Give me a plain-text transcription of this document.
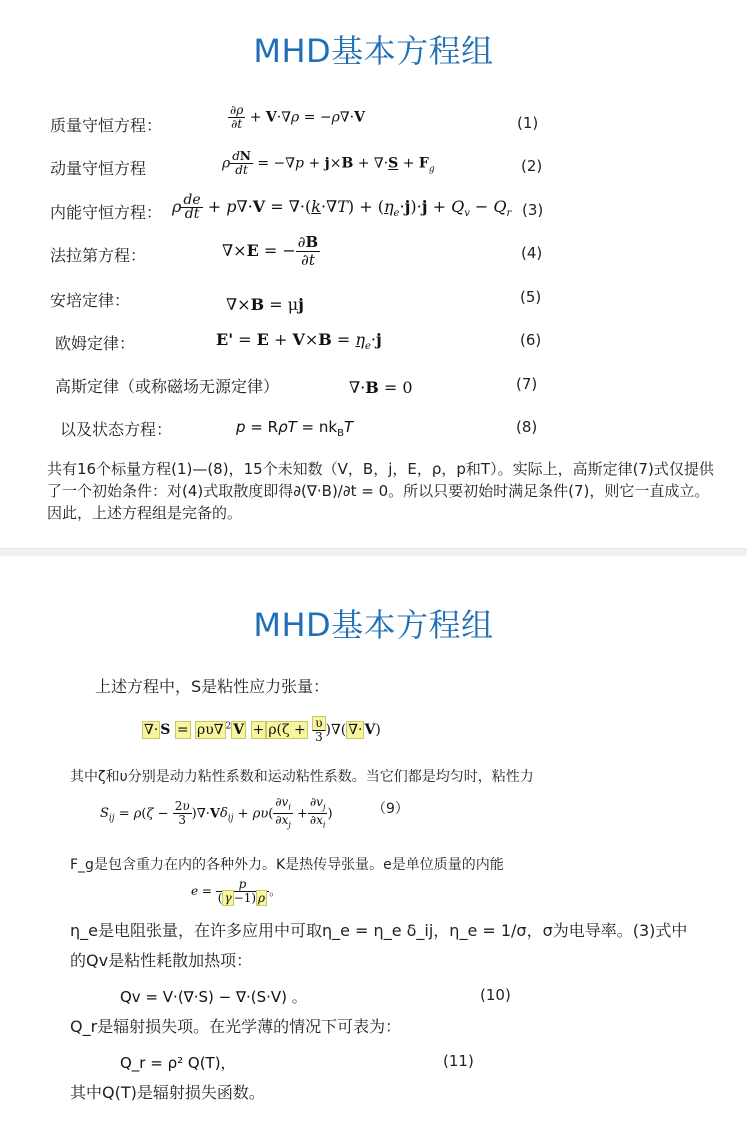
MHD基本方程组
质量守恒方程：	$\frac{\partial\rho}{\partial t} + V\cdot\nabla\rho = -\rho\nabla\cdot V$	(1)
动量守恒方程	ρ $\frac{dN}{dt} = -\nabla p + j\times B + \nabla\cdot S + F_g$	(2)
内能守恒方程： ρ $\frac{de}{dt} + p\nabla\cdot V = \nabla\cdot(k\cdot\nabla T) + (\eta_e\cdot j)\cdot j + Q_v - Q_r$ (3)
法拉第方程：	∇×E = − $\frac{\partial B}{\partial t}$	(4)
安培定律：	∇×B = μj	(5)
欧姆定律：	$E' = E + V\times B = \eta_e\cdot j$	(6)
高斯定律（或称磁场无源定律）	∇·B = 0	(7)
以及状态方程：	$p = R\rho T = nk_BT$	(8)
共有16个标量方程(1)—(8)，15个未知数（V，B，j，E，ρ，p和T）。实际上，高斯定律(7)式仅提供了一个初始条件：对(4)式取散度即得∂(∇·B)/∂t = 0。所以只要初始时满足条件(7)，则它一直成立。因此，上述方程组是完备的。
MHD基本方程组
上述方程中，S是粘性应力张量：
∇· S = ρυ∇ $^2$ $V + \rho(\zeta + \frac{\upsilon}{3}$ )∇( ∇· V)
其中ζ和υ分别是动力粘性系数和运动粘性系数。当它们都是均匀时，粘性力
$S_{ij} = \rho(\zeta - \frac{2\upsilon}{3} )\nabla\cdot V\delta_{ij} + \rho\upsilon( \frac{\partial v_i}{\partial x_j} + \frac{\partial v_j}{\partial x_i}$ )	（9）
F_g是包含重力在内的各种外力。K是热传导张量。e是单位质量的内能
$e = \frac{p}{( \gamma -1) \rho}$ 。
η_e是电阻张量，在许多应用中可取η_e = η_e δ_ij，η_e = 1/σ，σ为电导率。(3)式中
的Qv是粘性耗散加热项：
Qv = V·(∇·S) − ∇·(S·V) 。	(10)
Q_r是辐射损失项。在光学薄的情况下可表为：
Q_r = ρ² Q(T)，	(11)
其中Q(T)是辐射损失函数。
